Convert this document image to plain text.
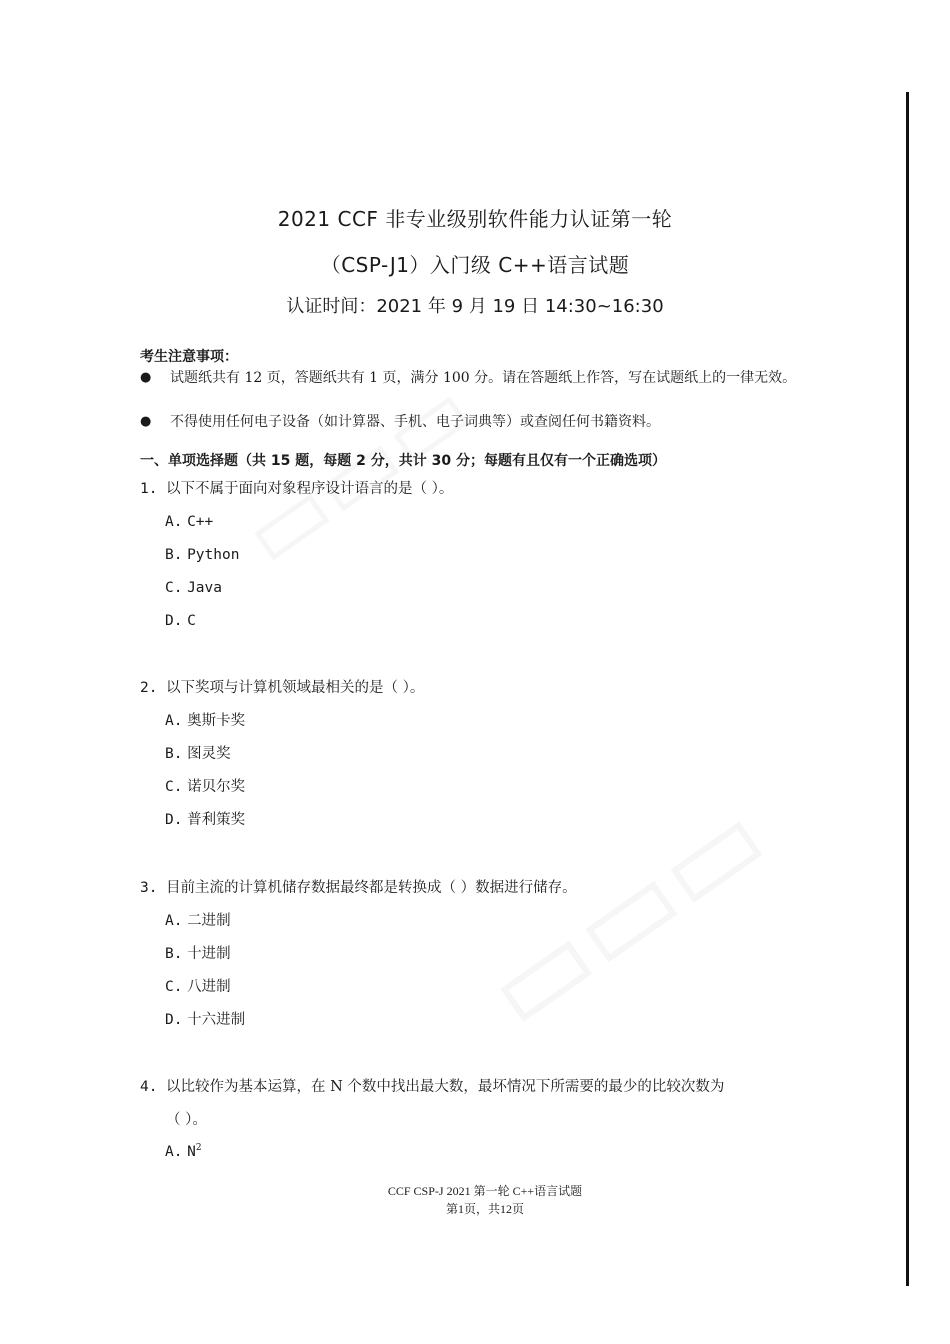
2021 CCF 非专业级别软件能力认证第一轮
（CSP-J1）入门级 C++语言试题
认证时间：2021 年 9 月 19 日 14:30~16:30
考生注意事项：
● 试题纸共有 12 页，答题纸共有 1 页，满分 100 分。请在答题纸上作答，写在试题纸上的一律无效。
● 不得使用任何电子设备（如计算器、手机、电子词典等）或查阅任何书籍资料。
一、单项选择题（共 15 题，每题 2 分，共计 30 分；每题有且仅有一个正确选项）
1. 以下不属于面向对象程序设计语言的是（ ）。
A. C++
B. Python
C. Java
D. C
2. 以下奖项与计算机领域最相关的是（ ）。
A. 奥斯卡奖
B. 图灵奖
C. 诺贝尔奖
D. 普利策奖
3. 目前主流的计算机储存数据最终都是转换成（ ）数据进行储存。
A. 二进制
B. 十进制
C. 八进制
D. 十六进制
4. 以比较作为基本运算，在 N 个数中找出最大数，最坏情况下所需要的最少的比较次数为
（ ）。
A. $N^2$
CCF CSP-J 2021 第一轮 C++语言试题
第1页，共12页
